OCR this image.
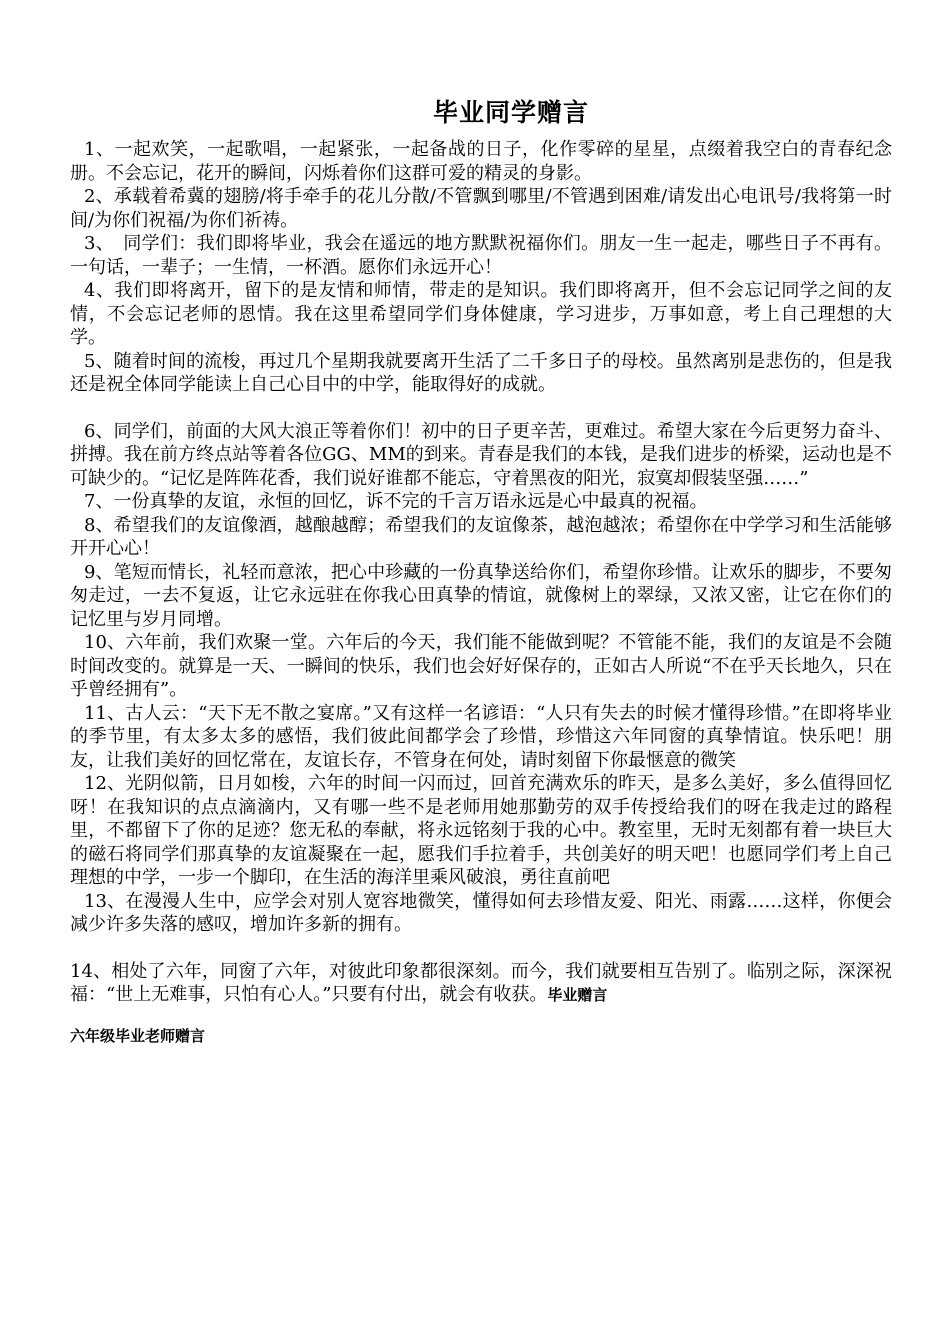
毕业同学赠言

1、一起欢笑，一起歌唱，一起紧张，一起备战的日子，化作零碎的星星，点缀着我空白的青春纪念册。不会忘记，花开的瞬间，闪烁着你们这群可爱的精灵的身影。

2、承载着希冀的翅膀/将手牵手的花儿分散/不管飘到哪里/不管遇到困难/请发出心电讯号/我将第一时间/为你们祝福/为你们祈祷。

3、　同学们：我们即将毕业，我会在遥远的地方默默祝福你们。朋友一生一起走，哪些日子不再有。一句话，一辈子；一生情，一杯酒。愿你们永远开心！

4、我们即将离开，留下的是友情和师情，带走的是知识。我们即将离开，但不会忘记同学之间的友情，不会忘记老师的恩情。我在这里希望同学们身体健康，学习进步，万事如意，考上自己理想的大学。

5、随着时间的流梭，再过几个星期我就要离开生活了二千多日子的母校。虽然离别是悲伤的，但是我还是祝全体同学能读上自己心目中的中学，能取得好的成就。

6、同学们，前面的大风大浪正等着你们！初中的日子更辛苦，更难过。希望大家在今后更努力奋斗、拼搏。我在前方终点站等着各位GG、MM的到来。青春是我们的本钱，是我们进步的桥梁，运动也是不可缺少的。“记忆是阵阵花香，我们说好谁都不能忘，守着黑夜的阳光，寂寞却假装坚强……”

7、一份真挚的友谊，永恒的回忆，诉不完的千言万语永远是心中最真的祝福。

8、希望我们的友谊像酒，越酿越醇；希望我们的友谊像茶，越泡越浓；希望你在中学学习和生活能够开开心心！

9、笔短而情长，礼轻而意浓，把心中珍藏的一份真挚送给你们，希望你珍惜。让欢乐的脚步，不要匆匆走过，一去不复返，让它永远驻在你我心田真挚的情谊，就像树上的翠绿，又浓又密，让它在你们的记忆里与岁月同增。

10、六年前，我们欢聚一堂。六年后的今天，我们能不能做到呢？不管能不能，我们的友谊是不会随时间改变的。就算是一天、一瞬间的快乐，我们也会好好保存的，正如古人所说“不在乎天长地久，只在乎曾经拥有”。

11、古人云：“天下无不散之宴席。”又有这样一名谚语：“人只有失去的时候才懂得珍惜。”在即将毕业的季节里，有太多太多的感悟，我们彼此间都学会了珍惜，珍惜这六年同窗的真挚情谊。快乐吧！朋友，让我们美好的回忆常在，友谊长存，不管身在何处，请时刻留下你最惬意的微笑

12、光阴似箭，日月如梭，六年的时间一闪而过，回首充满欢乐的昨天，是多么美好，多么值得回忆呀！在我知识的点点滴滴内，又有哪一些不是老师用她那勤劳的双手传授给我们的呀在我走过的路程里，不都留下了你的足迹？您无私的奉献，将永远铭刻于我的心中。教室里，无时无刻都有着一块巨大的磁石将同学们那真挚的友谊凝聚在一起，愿我们手拉着手，共创美好的明天吧！也愿同学们考上自己理想的中学，一步一个脚印，在生活的海洋里乘风破浪，勇往直前吧

13、在漫漫人生中，应学会对别人宽容地微笑，懂得如何去珍惜友爱、阳光、雨露……这样，你便会减少许多失落的感叹，增加许多新的拥有。

14、相处了六年，同窗了六年，对彼此印象都很深刻。而今，我们就要相互告别了。临别之际，深深祝福：“世上无难事，只怕有心人。”只要有付出，就会有收获。毕业赠言

六年级毕业老师赠言
